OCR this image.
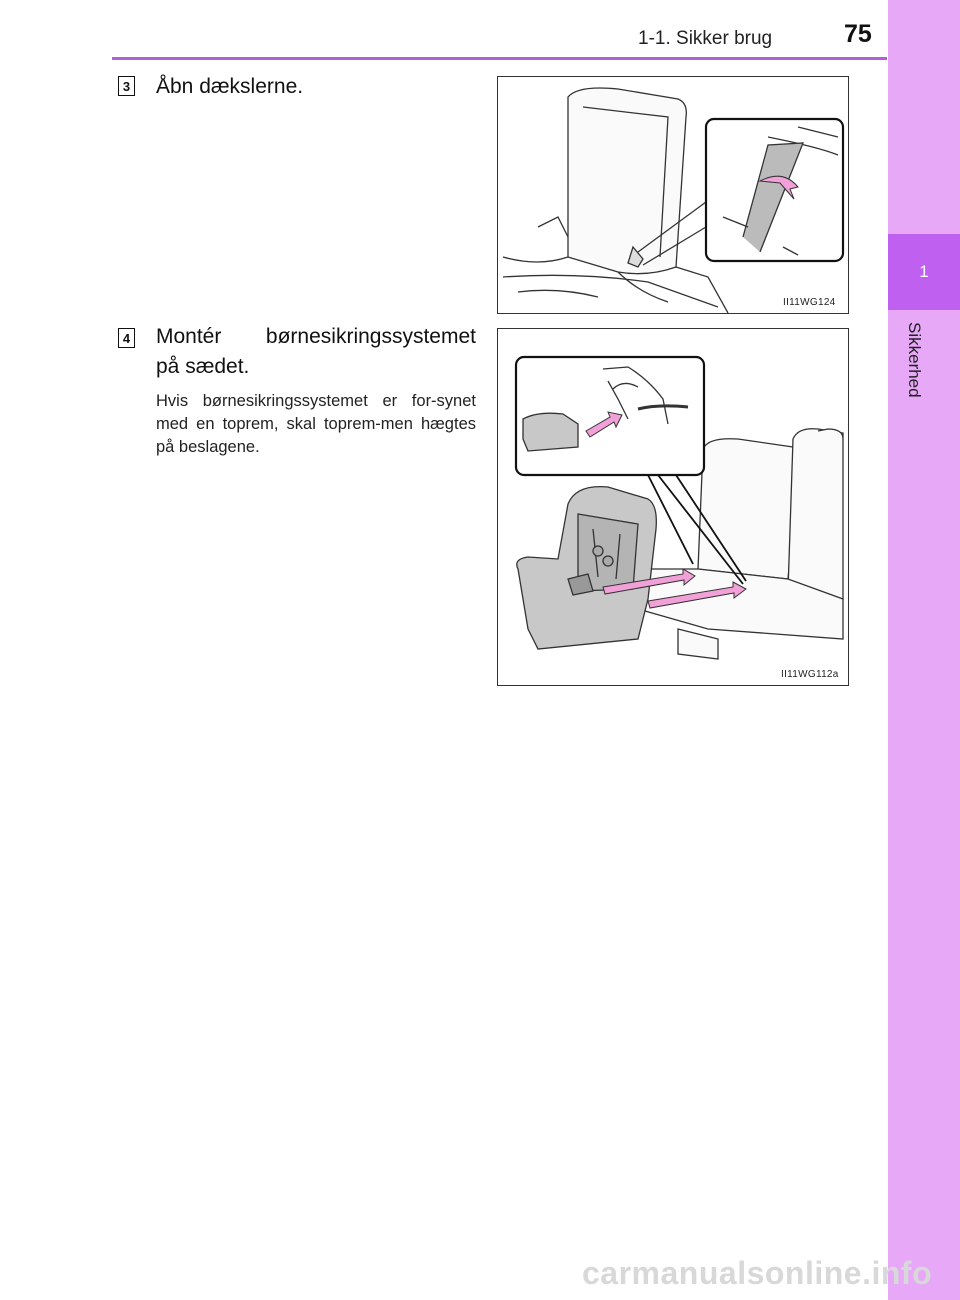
1-1. Sikker brug	75
1
Sikkerhed
3 Åbn dækslerne.
II11WG124
4 Montér børnesikringssystemet
på sædet.
Hvis børnesikringssystemet er for-synet med en toprem, skal toprem-men hægtes på beslagene.
II11WG112a
carmanualsonline.info
